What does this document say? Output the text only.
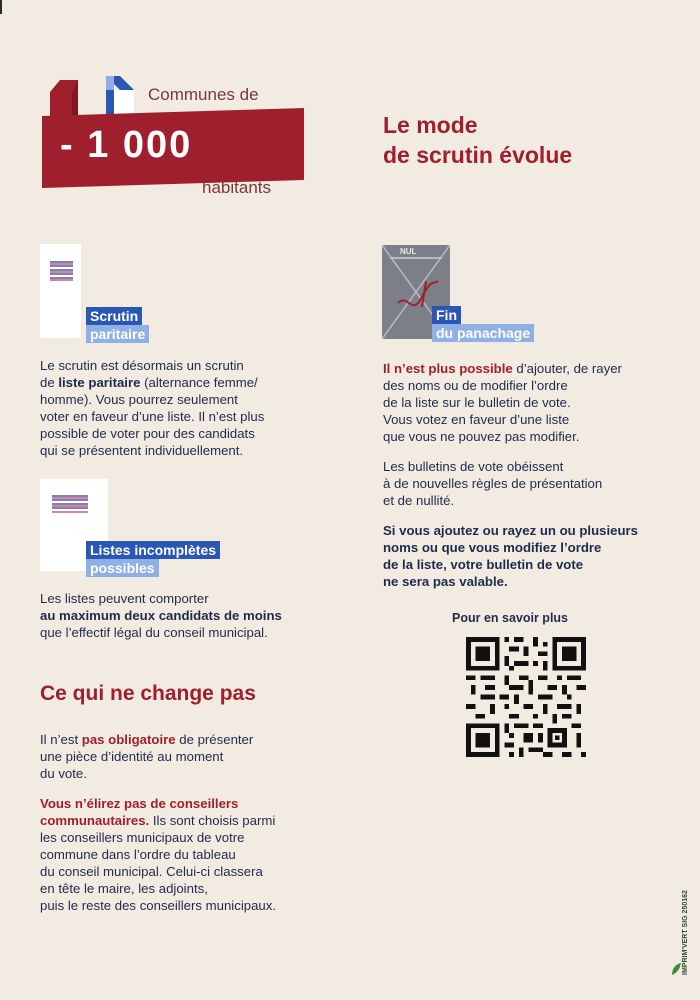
Communes de
- 1 000
habitants
Le mode
de scrutin évolue
Scrutin
paritaire
Le scrutin est désormais un scrutin
de liste paritaire (alternance femme/
homme). Vous pourrez seulement
voter en faveur d’une liste. Il n’est plus
possible de voter pour des candidats
qui se présentent individuellement.
Listes incomplètes
possibles
Les listes peuvent comporter
au maximum deux candidats de moins
que l’effectif légal du conseil municipal.
NUL
Fin
du panachage
Il n’est plus possible d’ajouter, de rayer
des noms ou de modifier l’ordre
de la liste sur le bulletin de vote.
Vous votez en faveur d’une liste
que vous ne pouvez pas modifier.
Les bulletins de vote obéissent
à de nouvelles règles de présentation
et de nullité.
Si vous ajoutez ou rayez un ou plusieurs
noms ou que vous modifiez l’ordre
de la liste, votre bulletin de vote
ne sera pas valable.
Pour en savoir plus
Ce qui ne change pas
Il n’est pas obligatoire de présenter
une pièce d’identité au moment
du vote.
Vous n’élirez pas de conseillers
communautaires. Ils sont choisis parmi
les conseillers municipaux de votre
commune dans l’ordre du tableau
du conseil municipal. Celui-ci classera
en tête le maire, les adjoints,
puis le reste des conseillers municipaux.	IMPRIM'VERT SIG 250162
